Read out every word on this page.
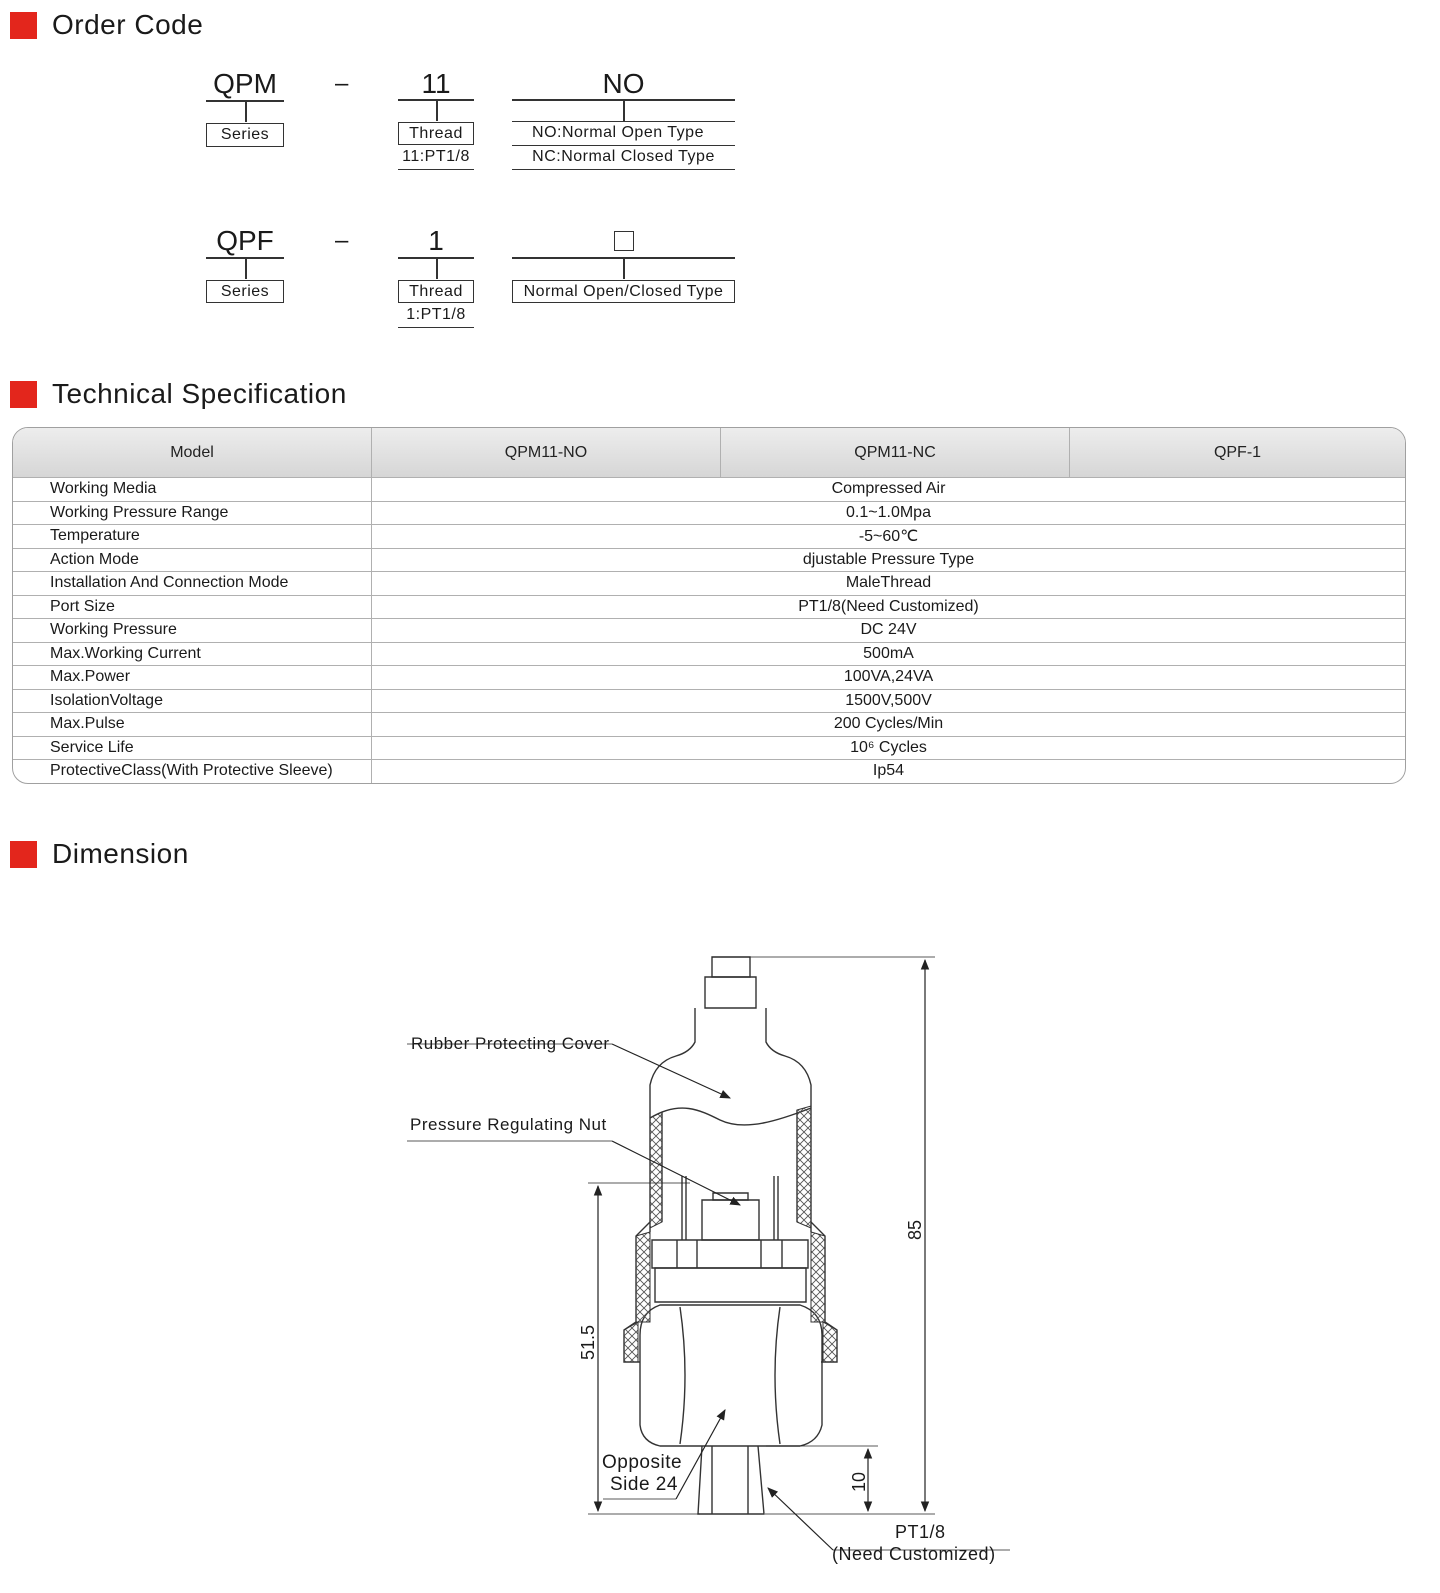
Order Code
QPM
Series
–	11
Thread
11:PT1/8
NO
NO:Normal Open Type
NC:Normal Closed Type
QPF
Series
–	1
Thread
1:PT1/8
Normal Open/Closed Type
Technical Specification
Model	QPM11-NO	QPM11-NC	QPF-1
Working Media	Compressed Air		
Working Pressure Range	0.1~1.0Mpa		
Temperature	-5~60℃		
Action Mode	djustable Pressure Type		
Installation And Connection Mode	MaleThread		
Port Size	PT1/8(Need Customized)		
Working Pressure	DC 24V		
Max.Working Current	500mA		
Max.Power	100VA,24VA		
IsolationVoltage	1500V,500V		
Max.Pulse	200 Cycles/Min		
Service Life	10⁶ Cycles		
ProtectiveClass(With Protective Sleeve)	Ip54		
Dimension
Rubber Protecting Cover
Pressure Regulating Nut
Opposite
Side 24
PT1/8
(Need Customized)
85
51.5
10
